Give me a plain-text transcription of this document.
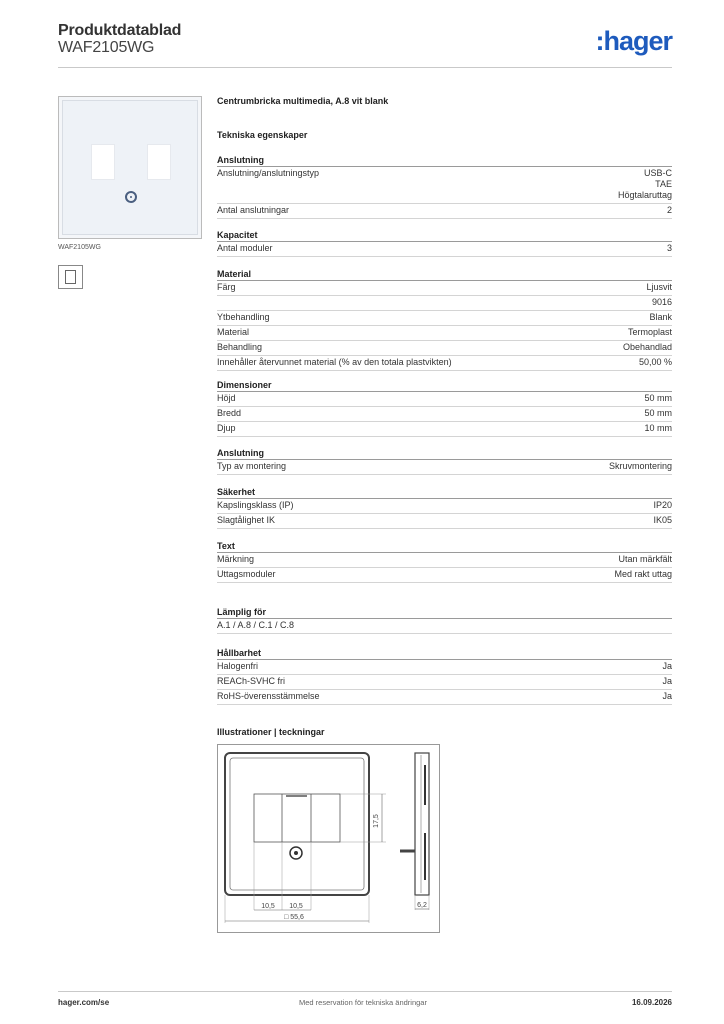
Produktdatablad
WAF2105WG	:hager
WAF2105WG
Centrumbricka multimedia, A.8 vit blank
Tekniska egenskaper
Anslutning
Anslutning/anslutningstyp	USB-C
TAE
Högtalaruttag
Antal anslutningar	2
Kapacitet
Antal moduler	3
Material
Färg	Ljusvit
9016
Ytbehandling	Blank
Material	Termoplast
Behandling	Obehandlad
Innehåller återvunnet material (% av den totala plastvikten)	50,00 %
Dimensioner
Höjd	50 mm
Bredd	50 mm
Djup	10 mm
Anslutning
Typ av montering	Skruvmontering
Säkerhet
Kapslingsklass (IP)	IP20
Slagtålighet IK	IK05
Text
Märkning	Utan märkfält
Uttagsmoduler	Med rakt uttag
Lämplig för
A.1 / A.8 / C.1 / C.8
Hållbarhet
Halogenfri	Ja
REACh-SVHC fri	Ja
RoHS-överensstämmelse	Ja
Illustrationer | teckningar
17,5
10,5 10,5
□ 55,6
6,2
hager.com/se	Med reservation för tekniska ändringar	16.09.2026
